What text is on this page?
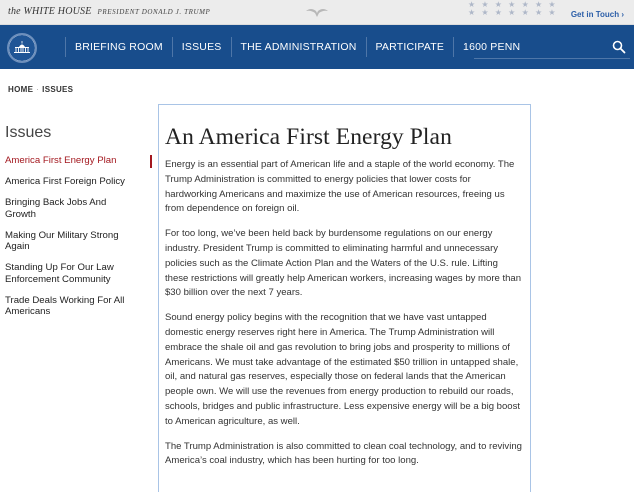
the WHITE HOUSE PRESIDENT DONALD J. TRUMP
★ ★ ★ ★ ★ ★ ★
★ ★ ★ ★ ★ ★ ★ Get in Touch ›
BRIEFING ROOM	ISSUES	THE ADMINISTRATION	PARTICIPATE	1600 PENN
HOME · ISSUES
Issues
America First Energy Plan
America First Foreign Policy
Bringing Back Jobs And Growth
Making Our Military Strong Again
Standing Up For Our Law Enforcement Community
Trade Deals Working For All Americans
An America First Energy Plan

Energy is an essential part of American life and a staple of the world economy. The Trump Administration is committed to energy policies that lower costs for hardworking Americans and maximize the use of American resources, freeing us from dependence on foreign oil.

For too long, we’ve been held back by burdensome regulations on our energy industry. President Trump is committed to eliminating harmful and unnecessary policies such as the Climate Action Plan and the Waters of the U.S. rule. Lifting these restrictions will greatly help American workers, increasing wages by more than $30 billion over the next 7 years.

Sound energy policy begins with the recognition that we have vast untapped domestic energy reserves right here in America. The Trump Administration will embrace the shale oil and gas revolution to bring jobs and prosperity to millions of Americans. We must take advantage of the estimated $50 trillion in untapped shale, oil, and natural gas reserves, especially those on federal lands that the American people own. We will use the revenues from energy production to rebuild our roads, schools, bridges and public infrastructure. Less expensive energy will be a big boost to American agriculture, as well.

The Trump Administration is also committed to clean coal technology, and to reviving America’s coal industry, which has been hurting for too long.
